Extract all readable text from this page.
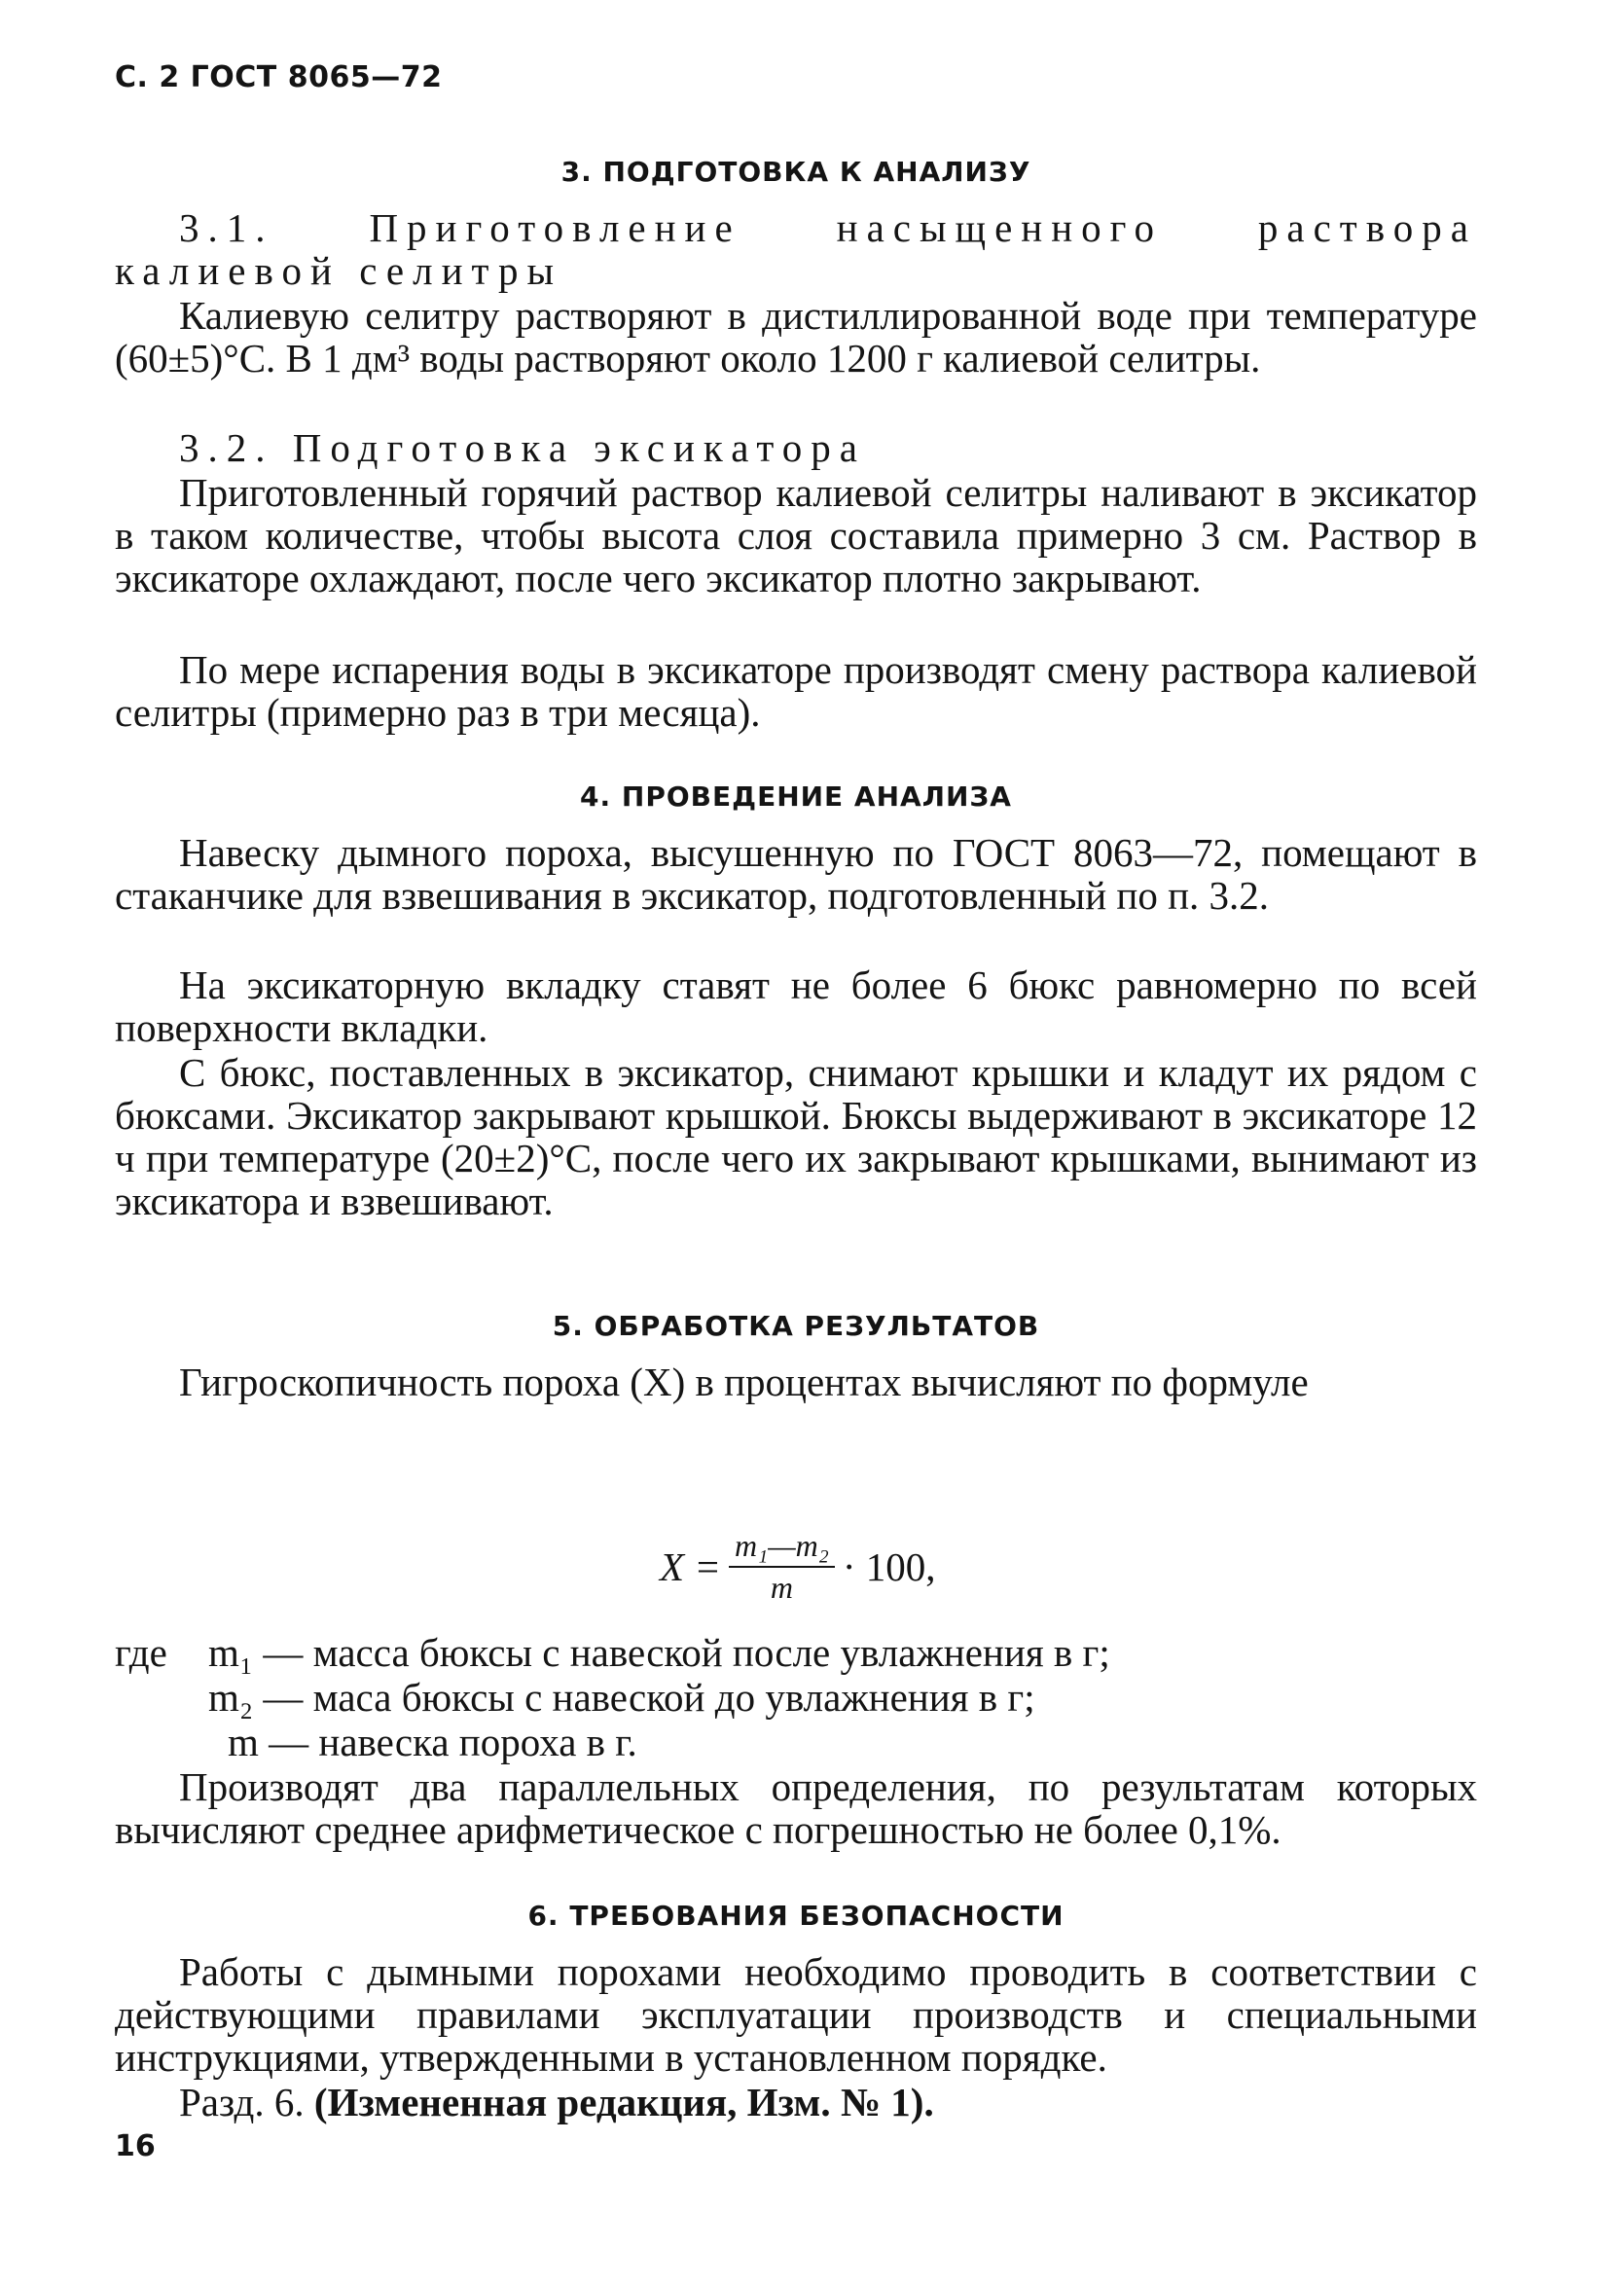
С. 2 ГОСТ 8065—72
3. ПОДГОТОВКА К АНАЛИЗУ
3.1. Приготовление насыщенного раствора калиевой селитры
Калиевую селитру растворяют в дистиллированной воде при температуре (60±5)°С. В 1 дм³ воды растворяют около 1200 г калиевой селитры.
3.2. Подготовка эксикатора
Приготовленный горячий раствор калиевой селитры наливают в эксикатор в таком количестве, чтобы высота слоя составила примерно 3 см. Раствор в эксикаторе охлаждают, после чего эксикатор плотно закрывают.
По мере испарения воды в эксикаторе производят смену раствора калиевой селитры (примерно раз в три месяца).
4. ПРОВЕДЕНИЕ АНАЛИЗА
Навеску дымного пороха, высушенную по ГОСТ 8063—72, помещают в стаканчике для взвешивания в эксикатор, подготовленный по п. 3.2.
На эксикаторную вкладку ставят не более 6 бюкс равномерно по всей поверхности вкладки.
С бюкс, поставленных в эксикатор, снимают крышки и кладут их рядом с бюксами. Эксикатор закрывают крышкой. Бюксы выдерживают в эксикаторе 12 ч при температуре (20±2)°С, после чего их закрывают крышками, вынимают из эксикатора и взвешивают.
5. ОБРАБОТКА РЕЗУЛЬТАТОВ
Гигроскопичность пороха (X) в процентах вычисляют по формуле
$X = \frac{\text{m₁—m₂}}{m} \cdot 100$,
где m₁ — масса бюксы с навеской после увлажнения в г;
m₂ — маса бюксы с навеской до увлажнения в г;
m — навеска пороха в г.
Производят два параллельных определения, по результатам которых вычисляют среднее арифметическое с погрешностью не более 0,1%.
6. ТРЕБОВАНИЯ БЕЗОПАСНОСТИ
Работы с дымными порохами необходимо проводить в соответствии с действующими правилами эксплуатации производств и специальными инструкциями, утвержденными в установленном порядке.
Разд. 6. (Измененная редакция, Изм. № 1).
16
